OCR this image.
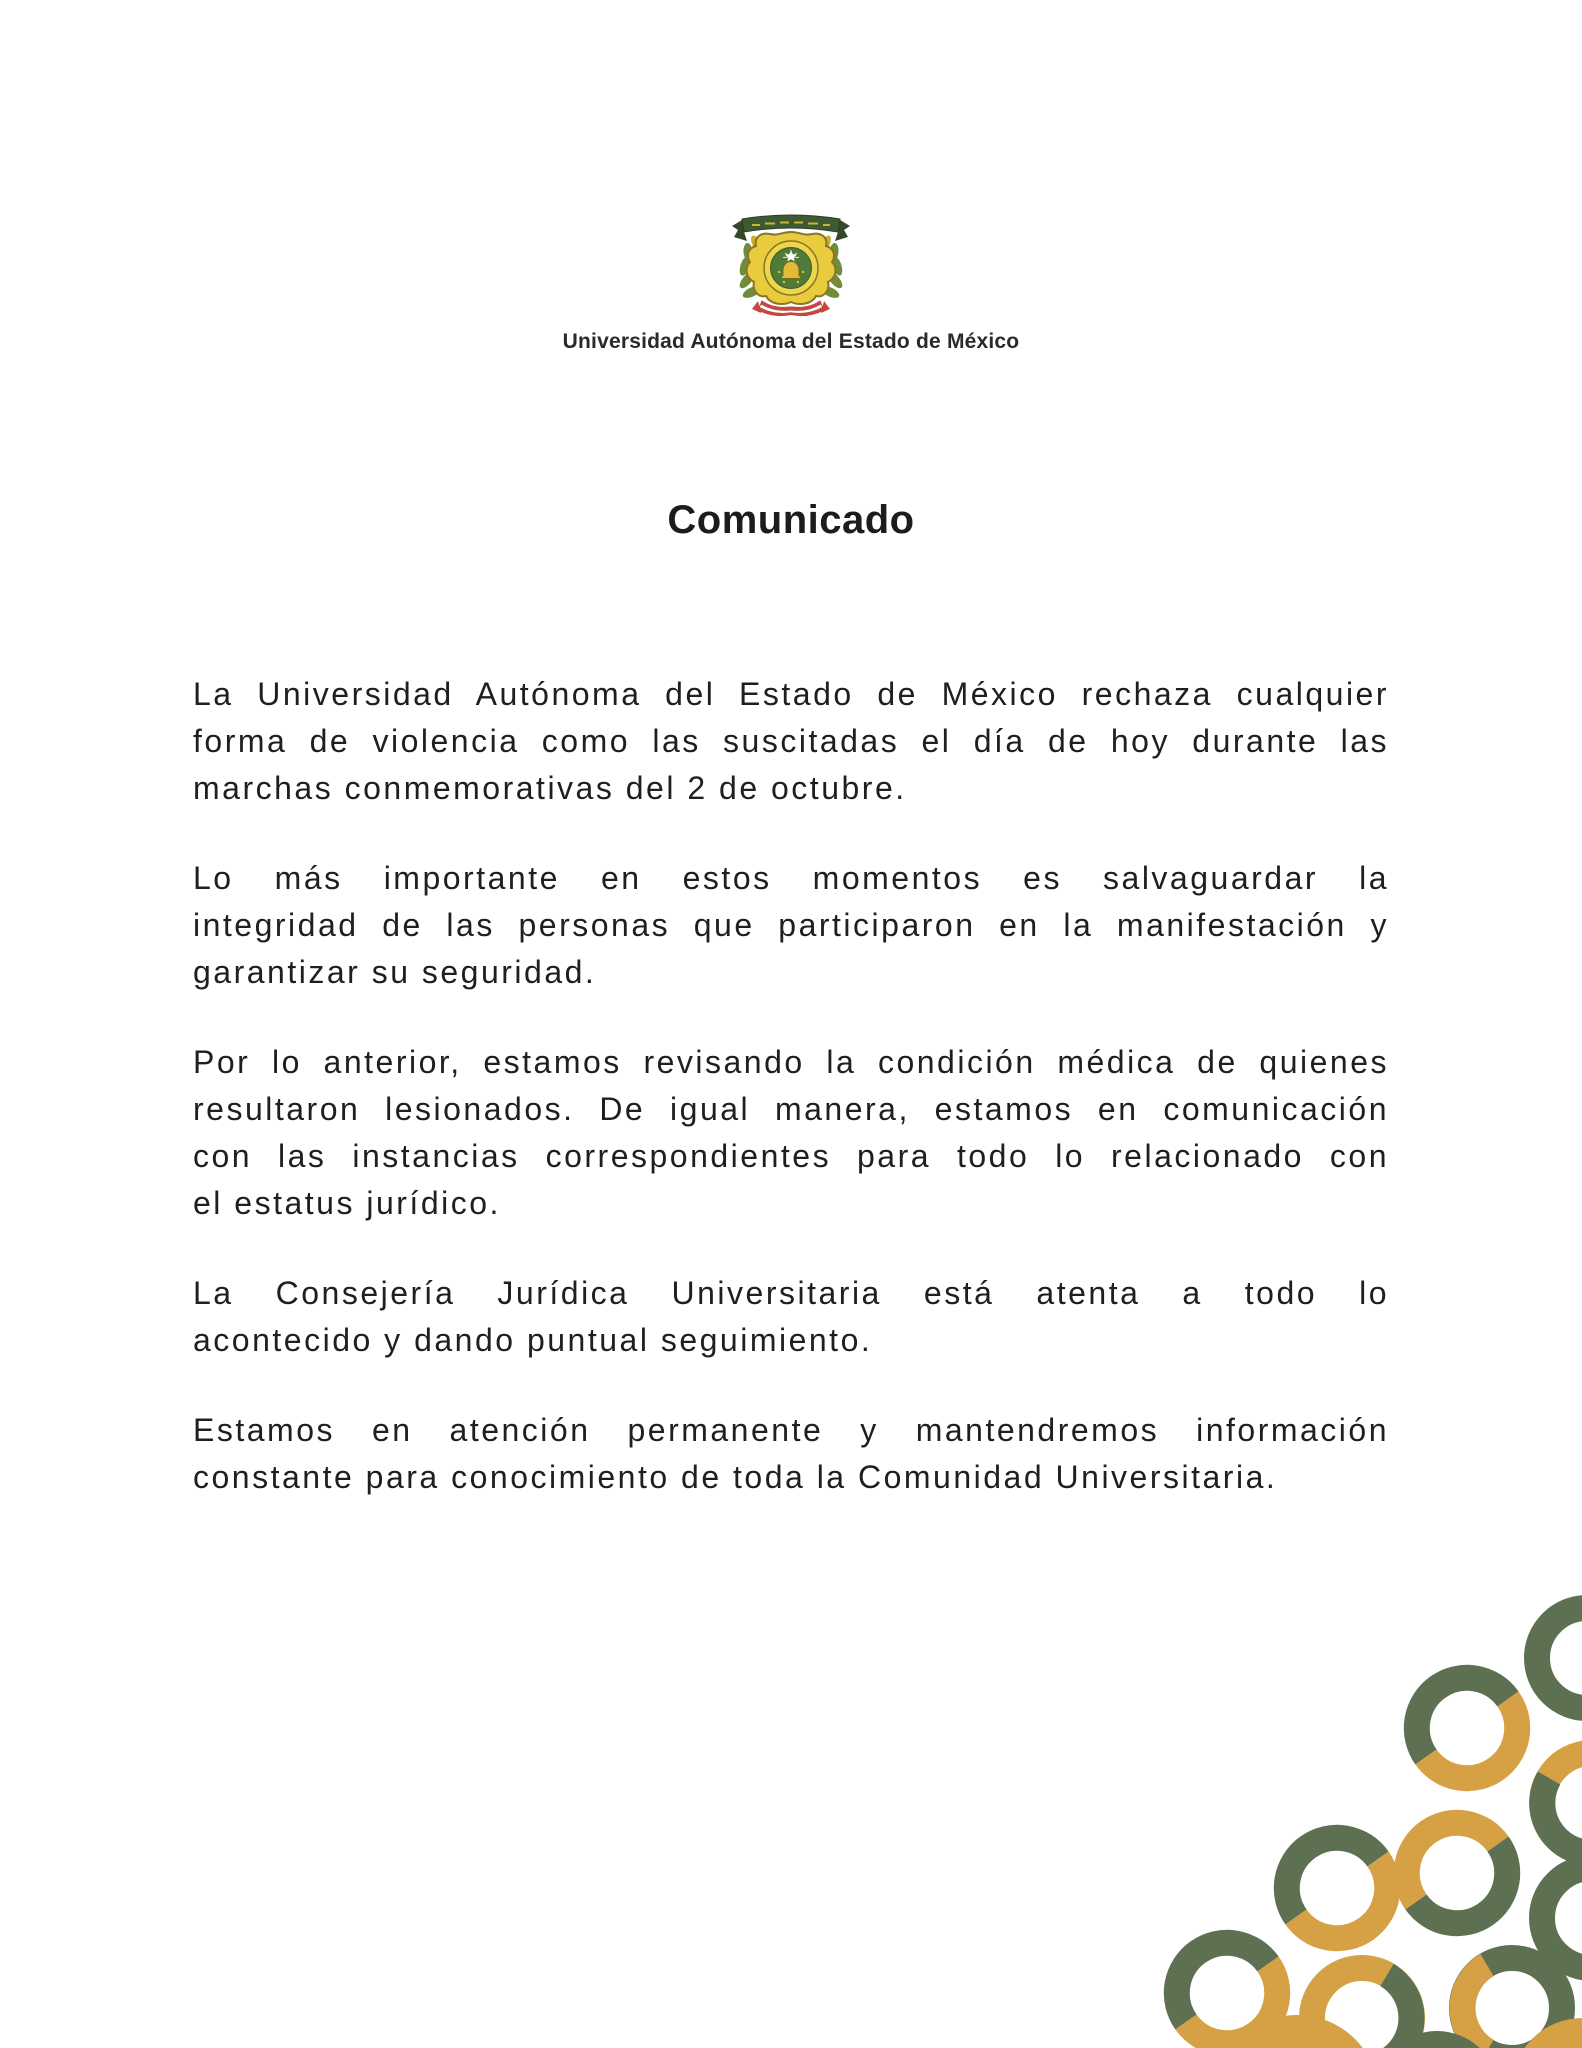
Universidad Autónoma del Estado de México
Comunicado

La Universidad Autónoma del Estado de México rechaza cualquier
forma de violencia como las suscitadas el día de hoy durante las
marchas conmemorativas del 2 de octubre.

Lo más importante en estos momentos es salvaguardar la
integridad de las personas que participaron en la manifestación y
garantizar su seguridad.

Por lo anterior, estamos revisando la condición médica de quienes
resultaron lesionados. De igual manera, estamos en comunicación
con las instancias correspondientes para todo lo relacionado con
el estatus jurídico.

La Consejería Jurídica Universitaria está atenta a todo lo
acontecido y dando puntual seguimiento.

Estamos en atención permanente y mantendremos información
constante para conocimiento de toda la Comunidad Universitaria.
